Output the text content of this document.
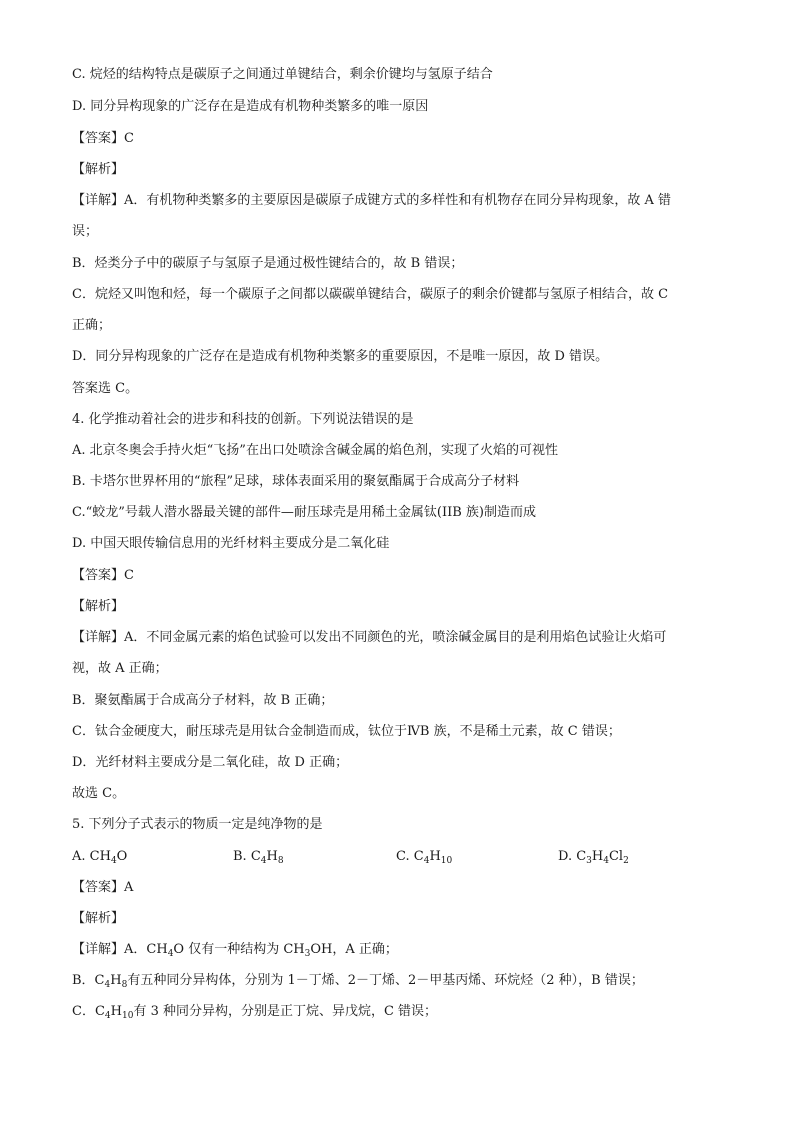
C. 烷烃的结构特点是碳原子之间通过单键结合，剩余价键均与氢原子结合
D. 同分异构现象的广泛存在是造成有机物种类繁多的唯一原因
【答案】C
【解析】
【详解】A．有机物种类繁多的主要原因是碳原子成键方式的多样性和有机物存在同分异构现象，故 A 错
误；
B．烃类分子中的碳原子与氢原子是通过极性键结合的，故 B 错误；
C．烷烃又叫饱和烃，每一个碳原子之间都以碳碳单键结合，碳原子的剩余价键都与氢原子相结合，故 C
正确；
D．同分异构现象的广泛存在是造成有机物种类繁多的重要原因，不是唯一原因，故 D 错误。
答案选 C。
4. 化学推动着社会的进步和科技的创新。下列说法错误的是
A. 北京冬奥会手持火炬“飞扬”在出口处喷涂含碱金属的焰色剂，实现了火焰的可视性
B. 卡塔尔世界杯用的“旅程”足球，球体表面采用的聚氨酯属于合成高分子材料
C.“蛟龙”号载人潜水器最关键的部件—耐压球壳是用稀土金属钛(IIB 族)制造而成
D. 中国天眼传输信息用的光纤材料主要成分是二氧化硅
【答案】C
【解析】
【详解】A．不同金属元素的焰色试验可以发出不同颜色的光，喷涂碱金属目的是利用焰色试验让火焰可
视，故 A 正确；
B．聚氨酯属于合成高分子材料，故 B 正确；
C．钛合金硬度大，耐压球壳是用钛合金制造而成，钛位于ⅣB 族，不是稀土元素，故 C 错误；
D．光纤材料主要成分是二氧化硅，故 D 正确；
故选 C。
5. 下列分子式表示的物质一定是纯净物的是
A. $CH_4O$	B. $C_4H_8$	C. $C_4H_{10}$	D. $C_3H_4Cl_2$
【答案】A
【解析】
【详解】A．$CH_4O$ 仅有一种结构为 $CH_3OH$，A 正确；
B．$C_4H_8$有五种同分异构体，分别为 1－丁烯、2－丁烯、2－甲基丙烯、环烷烃（2 种），B 错误；
C．$C_4H_{10}$有 3 种同分异构，分别是正丁烷、异戊烷，C 错误；
